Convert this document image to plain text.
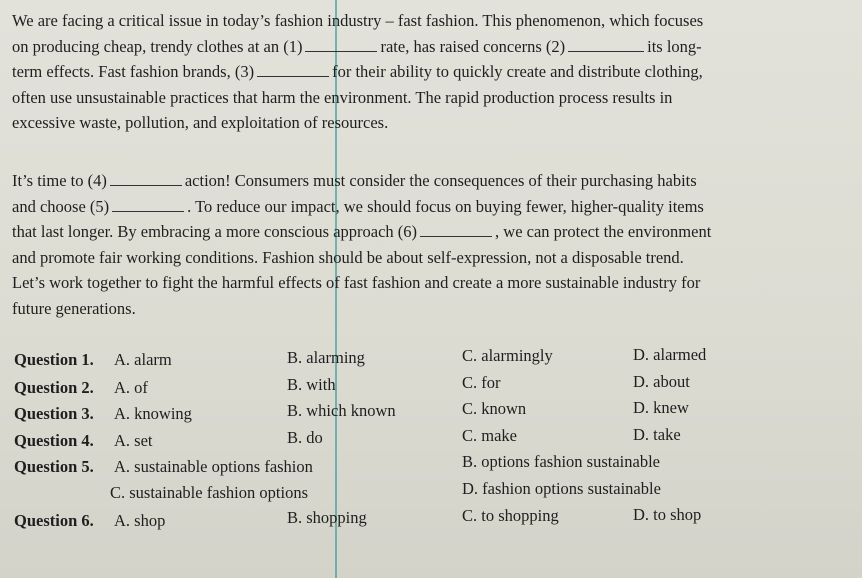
We are facing a critical issue in today’s fashion industry – fast fashion. This phenomenon, which focuses
on producing cheap, trendy clothes at an (1)	rate, has raised concerns (2)	its long-
term effects. Fast fashion brands, (3)	for their ability to quickly create and distribute clothing,
often use unsustainable practices that harm the environment. The rapid production process results in
excessive waste, pollution, and exploitation of resources.
It’s time to (4)	action! Consumers must consider the consequences of their purchasing habits
and choose (5)	. To reduce our impact, we should focus on buying fewer, higher-quality items
that last longer. By embracing a more conscious approach (6)	, we can protect the environment
and promote fair working conditions. Fashion should be about self-expression, not a disposable trend.
Let’s work together to fight the harmful effects of fast fashion and create a more sustainable industry for
future generations.
Question 1. A. alarm	B. alarming	C. alarmingly	D. alarmed
Question 2. A. of	B. with	C. for	D. about
Question 3. A. knowing	B. which known	C. known	D. knew
Question 4. A. set	B. do	C. make	D. take
Question 5. A. sustainable options fashion	B. options fashion sustainable
C. sustainable fashion options	D. fashion options sustainable
Question 6. A. shop	B. shopping	C. to shopping	D. to shop
